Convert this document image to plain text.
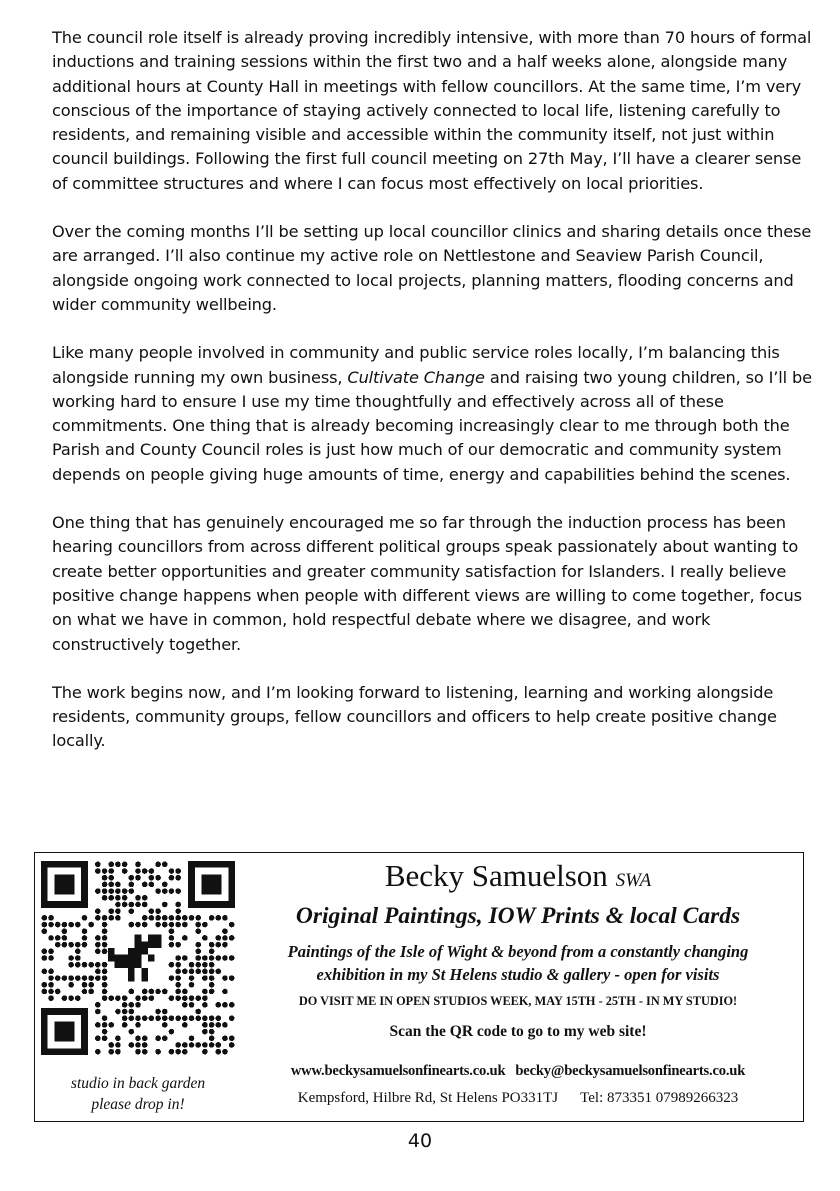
The council role itself is already proving incredibly intensive, with more than 70 hours of formal inductions and training sessions within the first two and a half weeks alone, alongside many additional hours at County Hall in meetings with fellow councillors. At the same time, I’m very conscious of the importance of staying actively connected to local life, listening carefully to residents, and remaining visible and accessible within the community itself, not just within council buildings. Following the first full council meeting on 27th May, I’ll have a clearer sense of committee structures and where I can focus most effectively on local priorities.

Over the coming months I’ll be setting up local councillor clinics and sharing details once these are arranged. I’ll also continue my active role on Nettlestone and Seaview Parish Council, alongside ongoing work connected to local projects, planning matters, flooding concerns and wider community wellbeing.

Like many people involved in community and public service roles locally, I’m balancing this alongside running my own business, Cultivate Change and raising two young children, so I’ll be working hard to ensure I use my time thoughtfully and effectively across all of these commitments. One thing that is already becoming increasingly clear to me through both the Parish and County Council roles is just how much of our democratic and community system depends on people giving huge amounts of time, energy and capabilities behind the scenes.

One thing that has genuinely encouraged me so far through the induction process has been hearing councillors from across different political groups speak passionately about wanting to create better opportunities and greater community satisfaction for Islanders. I really believe positive change happens when people with different views are willing to come together, focus on what we have in common, hold respectful debate where we disagree, and work constructively together.

The work begins now, and I’m looking forward to listening, learning and working alongside residents, community groups, fellow councillors and officers to help create positive change locally.

studio in back garden
please drop in!
Becky Samuelson SWA
Original Paintings, IOW Prints & local Cards
Paintings of the Isle of Wight & beyond from a constantly changing
exhibition in my St Helens studio & gallery - open for visits
DO VISIT ME IN OPEN STUDIOS WEEK, MAY 15TH - 25TH - IN MY STUDIO!
Scan the QR code to go to my web site!
www.beckysamuelsonfinearts.co.uk becky@beckysamuelsonfinearts.co.uk
Kempsford, Hilbre Rd, St Helens PO331TJ Tel: 873351 07989266323
40
